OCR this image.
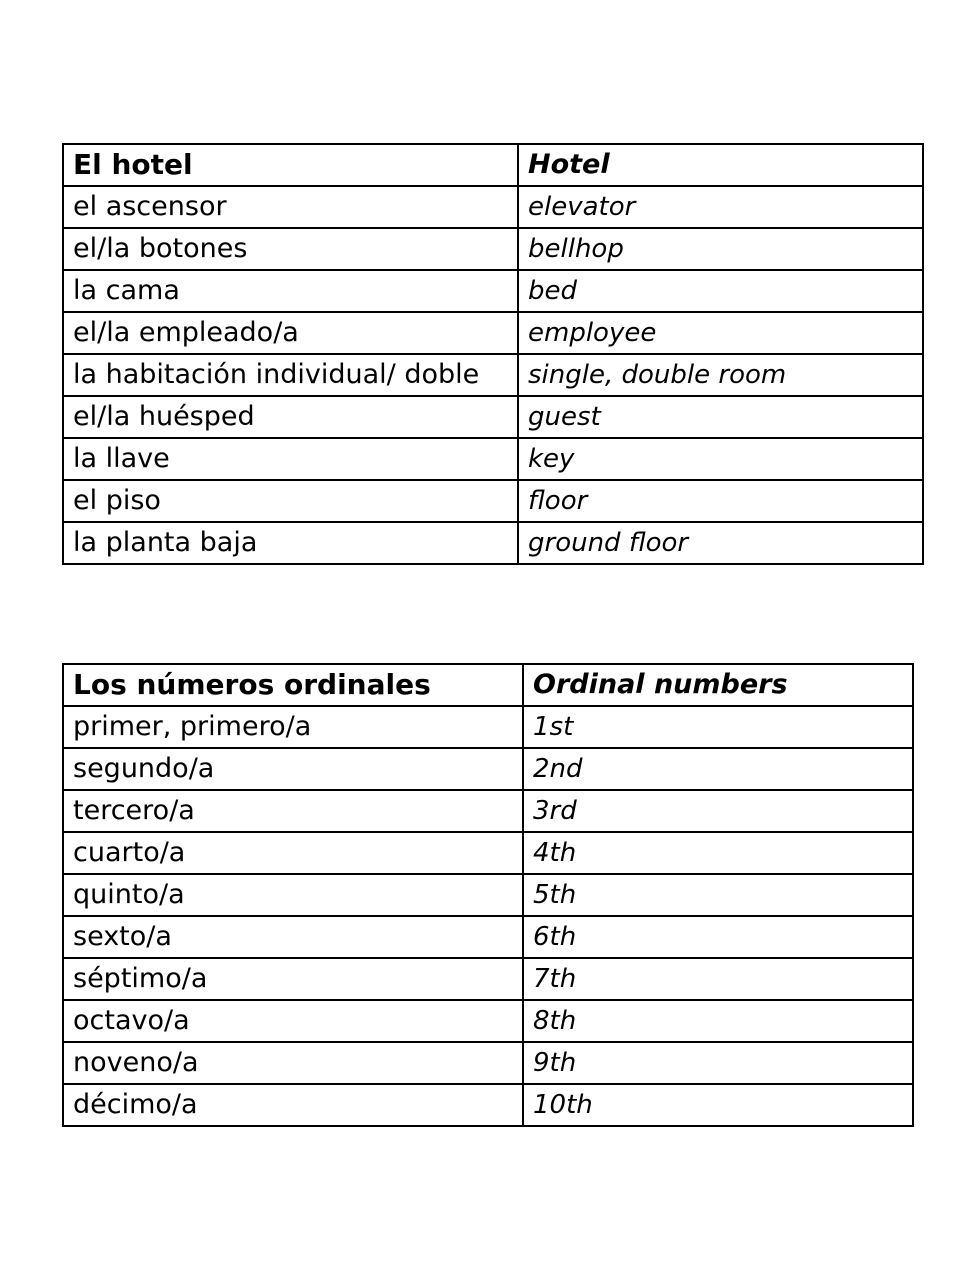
El hotel	Hotel
el ascensor	elevator
el/la botones	bellhop
la cama	bed
el/la empleado/a	employee
la habitación individual/ doble	single, double room
el/la huésped	guest
la llave	key
el piso	floor
la planta baja	ground floor
Los números ordinales	Ordinal numbers
primer, primero/a	1st
segundo/a	2nd
tercero/a	3rd
cuarto/a	4th
quinto/a	5th
sexto/a	6th
séptimo/a	7th
octavo/a	8th
noveno/a	9th
décimo/a	10th
